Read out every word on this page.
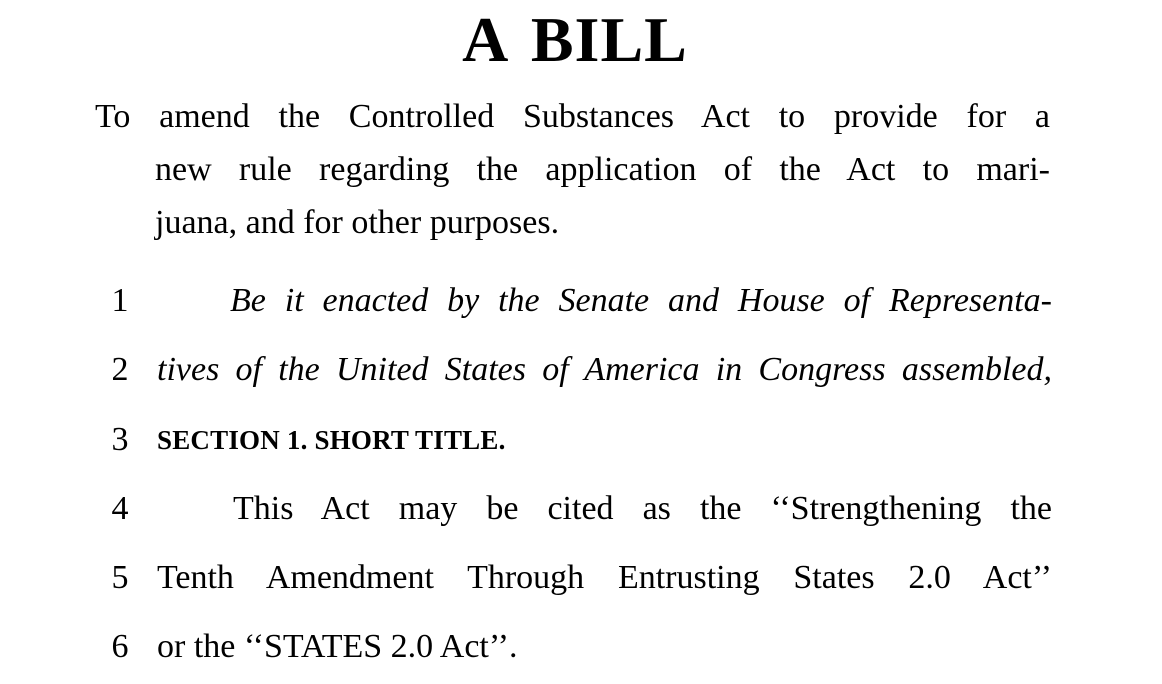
A BILL
To amend the Controlled Substances Act to provide for a
new rule regarding the application of the Act to mari-
juana, and for other purposes.
1	Be it enacted by the Senate and House of Representa-
2 tives of the United States of America in Congress assembled,
3	SECTION 1. SHORT TITLE.
4	This Act may be cited as the ‘‘Strengthening the
5 Tenth Amendment Through Entrusting States 2.0 Act’’
6 or the ‘‘STATES 2.0 Act’’.
